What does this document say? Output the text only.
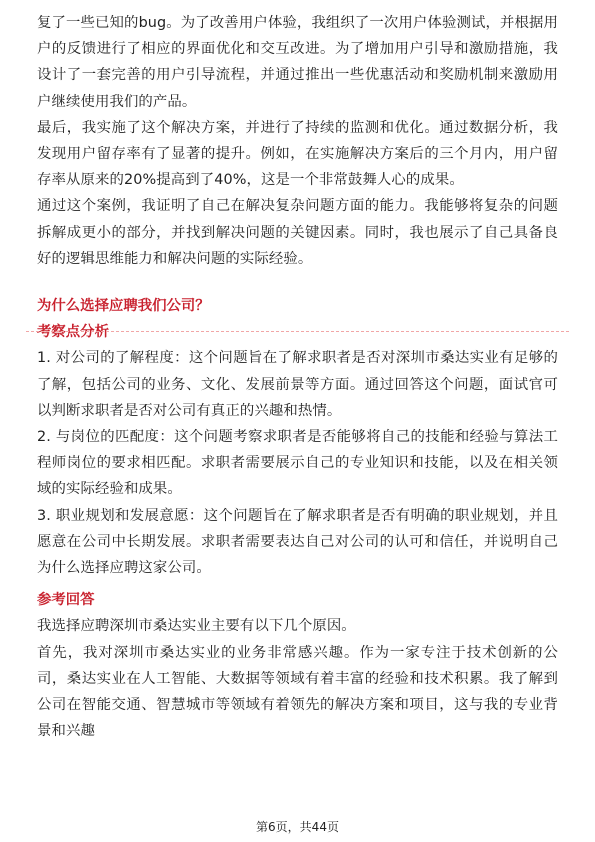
复了一些已知的bug。为了改善用户体验，我组织了一次用户体验测试，并根据用户的反馈进行了相应的界面优化和交互改进。为了增加用户引导和激励措施，我设计了一套完善的用户引导流程，并通过推出一些优惠活动和奖励机制来激励用户继续使用我们的产品。

最后，我实施了这个解决方案，并进行了持续的监测和优化。通过数据分析，我发现用户留存率有了显著的提升。例如，在实施解决方案后的三个月内，用户留存率从原来的20%提高到了40%，这是一个非常鼓舞人心的成果。

通过这个案例，我证明了自己在解决复杂问题方面的能力。我能够将复杂的问题拆解成更小的部分，并找到解决问题的关键因素。同时，我也展示了自己具备良好的逻辑思维能力和解决问题的实际经验。

为什么选择应聘我们公司？

考察点分析

1. 对公司的了解程度：这个问题旨在了解求职者是否对深圳市桑达实业有足够的了解，包括公司的业务、文化、发展前景等方面。通过回答这个问题，面试官可以判断求职者是否对公司有真正的兴趣和热情。

2. 与岗位的匹配度：这个问题考察求职者是否能够将自己的技能和经验与算法工程师岗位的要求相匹配。求职者需要展示自己的专业知识和技能，以及在相关领域的实际经验和成果。

3. 职业规划和发展意愿：这个问题旨在了解求职者是否有明确的职业规划，并且愿意在公司中长期发展。求职者需要表达自己对公司的认可和信任，并说明自己为什么选择应聘这家公司。

参考回答

我选择应聘深圳市桑达实业主要有以下几个原因。

首先，我对深圳市桑达实业的业务非常感兴趣。作为一家专注于技术创新的公司，桑达实业在人工智能、大数据等领域有着丰富的经验和技术积累。我了解到公司在智能交通、智慧城市等领域有着领先的解决方案和项目，这与我的专业背景和兴趣

第6页，共44页
